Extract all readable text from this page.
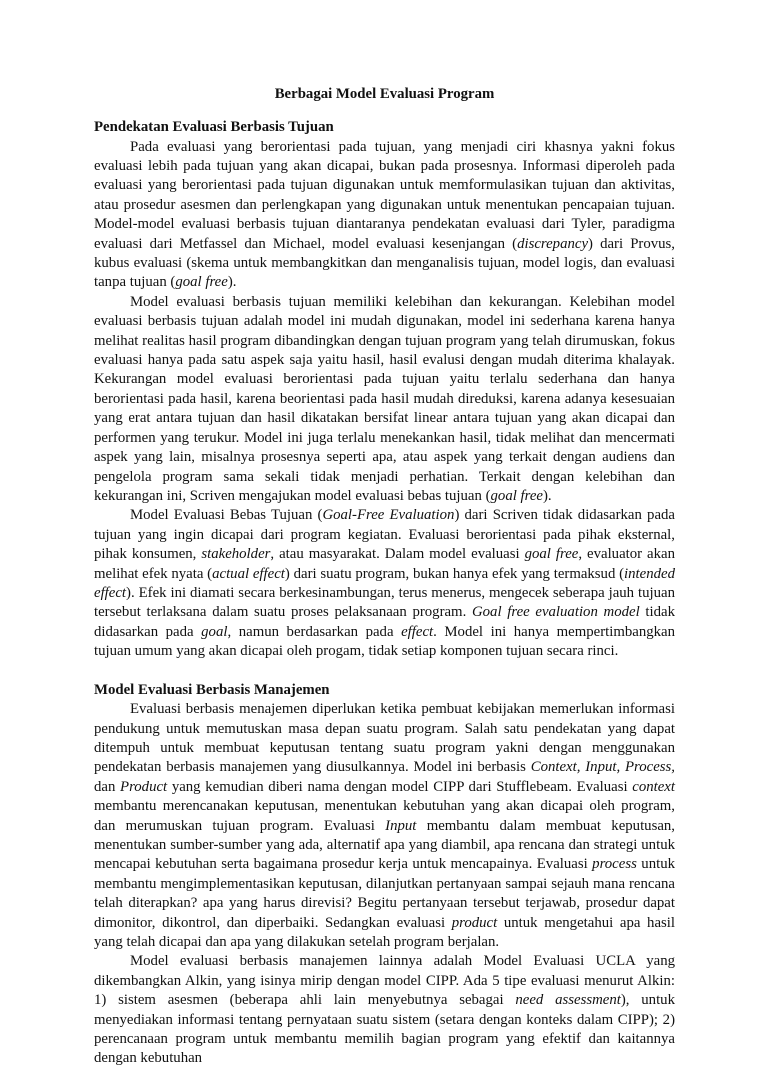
Berbagai Model Evaluasi Program
Pendekatan Evaluasi Berbasis Tujuan

Pada evaluasi yang berorientasi pada tujuan, yang menjadi ciri khasnya yakni fokus evaluasi lebih pada tujuan yang akan dicapai, bukan pada prosesnya. Informasi diperoleh pada evaluasi yang berorientasi pada tujuan digunakan untuk memformulasikan tujuan dan aktivitas, atau prosedur asesmen dan perlengkapan yang digunakan untuk menentukan pencapaian tujuan. Model-model evaluasi berbasis tujuan diantaranya pendekatan evaluasi dari Tyler, paradigma evaluasi dari Metfassel dan Michael, model evaluasi kesenjangan (discrepancy) dari Provus, kubus evaluasi (skema untuk membangkitkan dan menganalisis tujuan, model logis, dan evaluasi tanpa tujuan (goal free).

Model evaluasi berbasis tujuan memiliki kelebihan dan kekurangan. Kelebihan model evaluasi berbasis tujuan adalah model ini mudah digunakan, model ini sederhana karena hanya melihat realitas hasil program dibandingkan dengan tujuan program yang telah dirumuskan, fokus evaluasi hanya pada satu aspek saja yaitu hasil, hasil evalusi dengan mudah diterima khalayak. Kekurangan model evaluasi berorientasi pada tujuan yaitu terlalu sederhana dan hanya berorientasi pada hasil, karena beorientasi pada hasil mudah direduksi, karena adanya kesesuaian yang erat antara tujuan dan hasil dikatakan bersifat linear antara tujuan yang akan dicapai dan performen yang terukur. Model ini juga terlalu menekankan hasil, tidak melihat dan mencermati aspek yang lain, misalnya prosesnya seperti apa, atau aspek yang terkait dengan audiens dan pengelola program sama sekali tidak menjadi perhatian. Terkait dengan kelebihan dan kekurangan ini, Scriven mengajukan model evaluasi bebas tujuan (goal free).

Model Evaluasi Bebas Tujuan (Goal-Free Evaluation) dari Scriven tidak didasarkan pada tujuan yang ingin dicapai dari program kegiatan. Evaluasi berorientasi pada pihak eksternal, pihak konsumen, stakeholder, atau masyarakat. Dalam model evaluasi goal free, evaluator akan melihat efek nyata (actual effect) dari suatu program, bukan hanya efek yang termaksud (intended effect). Efek ini diamati secara berkesinambungan, terus menerus, mengecek seberapa jauh tujuan tersebut terlaksana dalam suatu proses pelaksanaan program. Goal free evaluation model tidak didasarkan pada goal, namun berdasarkan pada effect. Model ini hanya mempertimbangkan tujuan umum yang akan dicapai oleh progam, tidak setiap komponen tujuan secara rinci.

Model Evaluasi Berbasis Manajemen

Evaluasi berbasis menajemen diperlukan ketika pembuat kebijakan memerlukan informasi pendukung untuk memutuskan masa depan suatu program. Salah satu pendekatan yang dapat ditempuh untuk membuat keputusan tentang suatu program yakni dengan menggunakan pendekatan berbasis manajemen yang diusulkannya. Model ini berbasis Context, Input, Process, dan Product yang kemudian diberi nama dengan model CIPP dari Stufflebeam. Evaluasi context membantu merencanakan keputusan, menentukan kebutuhan yang akan dicapai oleh program, dan merumuskan tujuan program. Evaluasi Input membantu dalam membuat keputusan, menentukan sumber-sumber yang ada, alternatif apa yang diambil, apa rencana dan strategi untuk mencapai kebutuhan serta bagaimana prosedur kerja untuk mencapainya. Evaluasi process untuk membantu mengimplementasikan keputusan, dilanjutkan pertanyaan sampai sejauh mana rencana telah diterapkan? apa yang harus direvisi? Begitu pertanyaan tersebut terjawab, prosedur dapat dimonitor, dikontrol, dan diperbaiki. Sedangkan evaluasi product untuk mengetahui apa hasil yang telah dicapai dan apa yang dilakukan setelah program berjalan.

Model evaluasi berbasis manajemen lainnya adalah Model Evaluasi UCLA yang dikembangkan Alkin, yang isinya mirip dengan model CIPP. Ada 5 tipe evaluasi menurut Alkin: 1) sistem asesmen (beberapa ahli lain menyebutnya sebagai need assessment), untuk menyediakan informasi tentang pernyataan suatu sistem (setara dengan konteks dalam CIPP); 2) perencanaan program untuk membantu memilih bagian program yang efektif dan kaitannya dengan kebutuhan
